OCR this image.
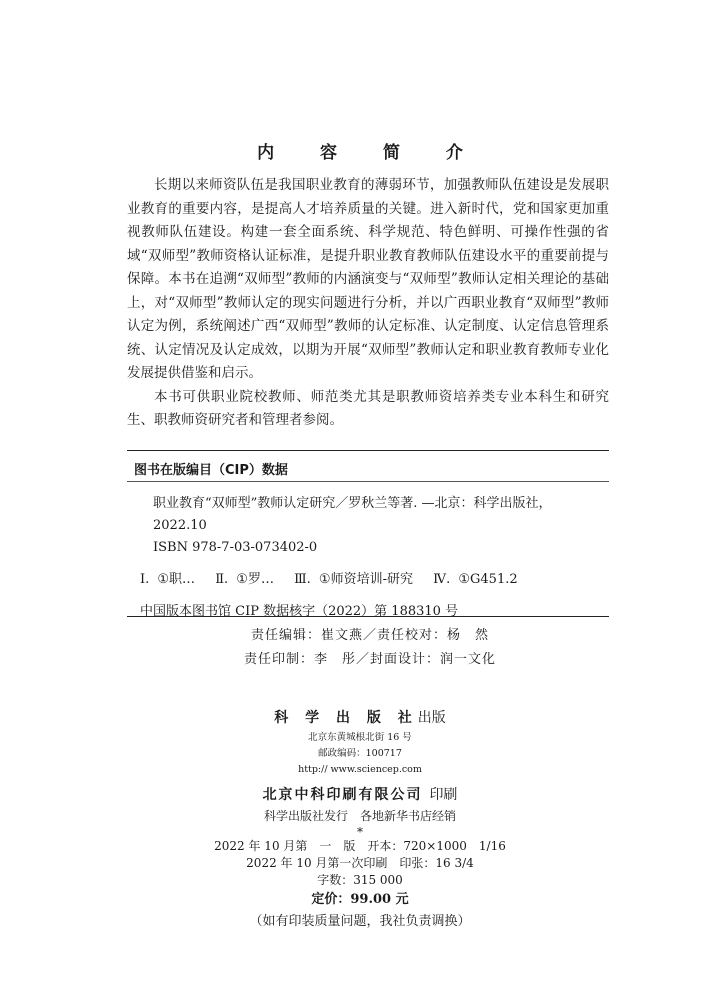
内 容 简 介

长期以来师资队伍是我国职业教育的薄弱环节，加强教师队伍建设是发展职业教育的重要内容，是提高人才培养质量的关键。进入新时代，党和国家更加重视教师队伍建设。构建一套全面系统、科学规范、特色鲜明、可操作性强的省域“双师型”教师资格认证标准，是提升职业教育教师队伍建设水平的重要前提与保障。本书在追溯“双师型”教师的内涵演变与“双师型”教师认定相关理论的基础上，对“双师型”教师认定的现实问题进行分析，并以广西职业教育“双师型”教师认定为例，系统阐述广西“双师型”教师的认定标准、认定制度、认定信息管理系统、认定情况及认定成效，以期为开展“双师型”教师认定和职业教育教师专业化发展提供借鉴和启示。

本书可供职业院校教师、师范类尤其是职教师资培养类专业本科生和研究生、职教师资研究者和管理者参阅。

图书在版编目（CIP）数据
职业教育“双师型”教师认定研究／罗秋兰等著. —北京：科学出版社，
2022.10
ISBN 978-7-03-073402-0
Ⅰ. ①职… Ⅱ. ①罗… Ⅲ. ①师资培训-研究 Ⅳ. ①G451.2
中国版本图书馆 CIP 数据核字（2022）第 188310 号
责任编辑：崔文燕／责任校对：杨　然
责任印制：李　彤／封面设计：润一文化
科 学 出 版 社出版
北京东黄城根北街 16 号
邮政编码：100717
http:// www.sciencep.com
北京中科印刷有限公司 印刷
科学出版社发行　各地新华书店经销
*
2022 年 10 月第　一　版　开本：720×1000　1/16
2022 年 10 月第一次印刷　印张：16 3/4
字数：315 000
定价：99.00 元
（如有印装质量问题，我社负责调换）
